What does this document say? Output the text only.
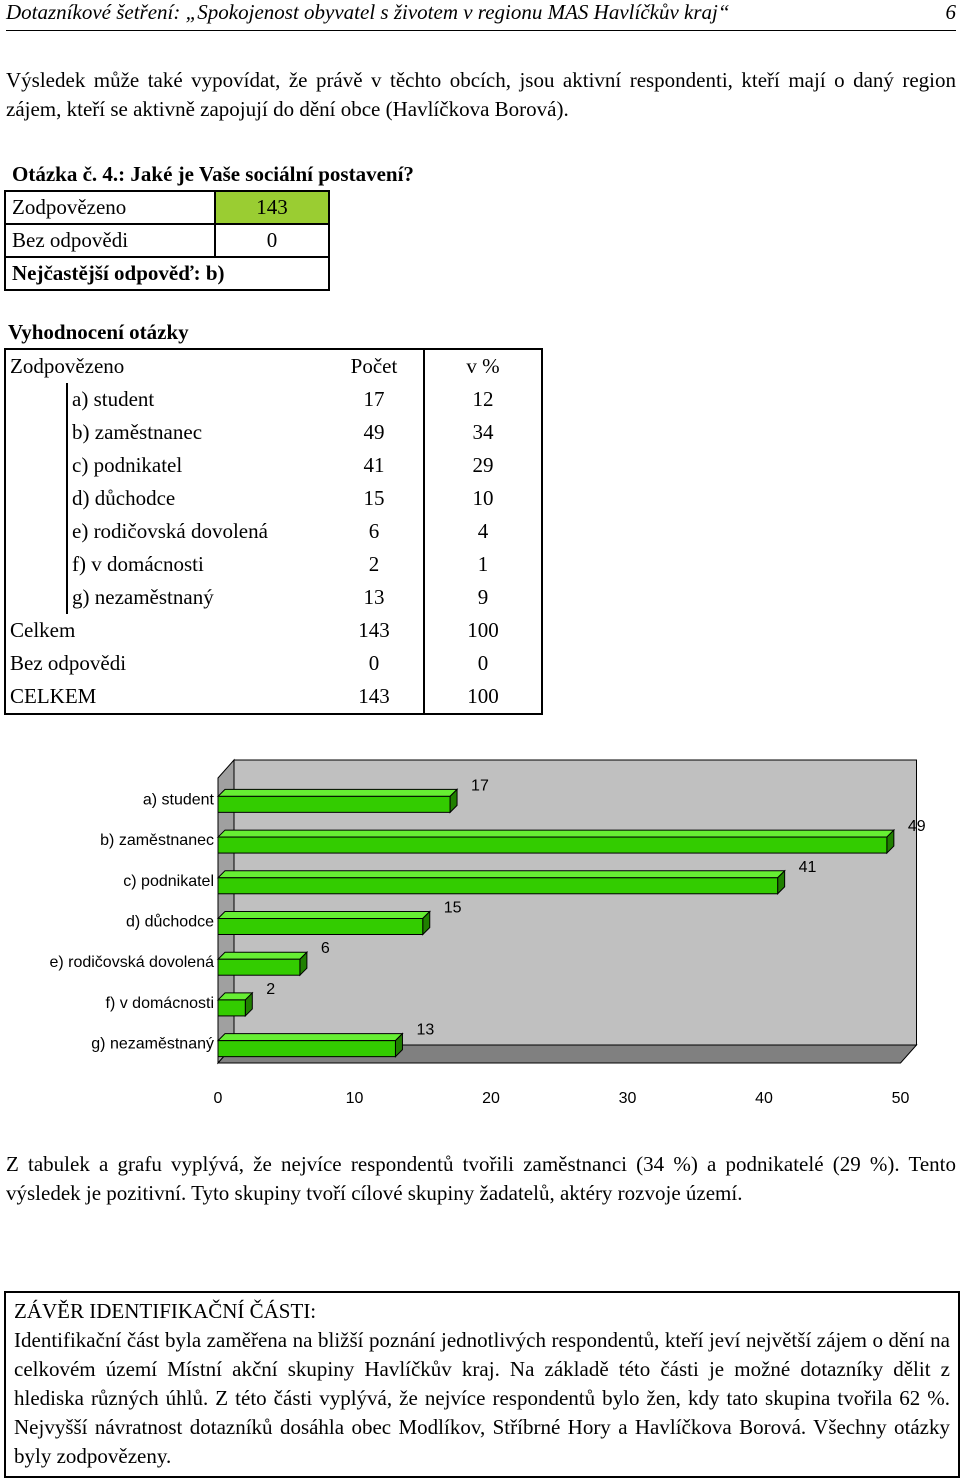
Dotazníkové šetření: „Spokojenost obyvatel s životem v regionu MAS Havlíčkův kraj“	6
Výsledek může také vypovídat, že právě v těchto obcích, jsou aktivní respondenti, kteří mají o daný region zájem, kteří se aktivně zapojují do dění obce (Havlíčkova Borová).
Otázka č. 4.: Jaké je Vaše sociální postavení?
Zodpovězeno	143
Bez odpovědi	0
Nejčastější odpověď: b)	
Vyhodnocení otázky
Zodpovězeno		Počet	v %
	a) student	17	12
	b) zaměstnanec	49	34
	c) podnikatel	41	29
	d) důchodce	15	10
	e) rodičovská dovolená	6	4
	f) v domácnosti	2	1
	g) nezaměstnaný	13	9
Celkem		143	100
Bez odpovědi		0	0
CELKEM		143	100
0	10	20	30	40	50
a) student
17
b) zaměstnanec
49
c) podnikatel
41
d) důchodce
15
e) rodičovská dovolená
6
f) v domácnosti
2
g) nezaměstnaný
13
Z tabulek a grafu vyplývá, že nejvíce respondentů tvořili zaměstnanci (34 %) a podnikatelé (29 %). Tento výsledek je pozitivní. Tyto skupiny tvoří cílové skupiny žadatelů, aktéry rozvoje území.
ZÁVĚR IDENTIFIKAČNÍ ČÁSTI:
Identifikační část byla zaměřena na bližší poznání jednotlivých respondentů, kteří jeví největší zájem o dění na celkovém území Místní akční skupiny Havlíčkův kraj. Na základě této části je možné dotazníky dělit z hlediska různých úhlů. Z této části vyplývá, že nejvíce respondentů bylo žen, kdy tato skupina tvořila 62 %. Nejvyšší návratnost dotazníků dosáhla obec Modlíkov, Stříbrné Hory a Havlíčkova Borová. Všechny otázky byly zodpovězeny.
